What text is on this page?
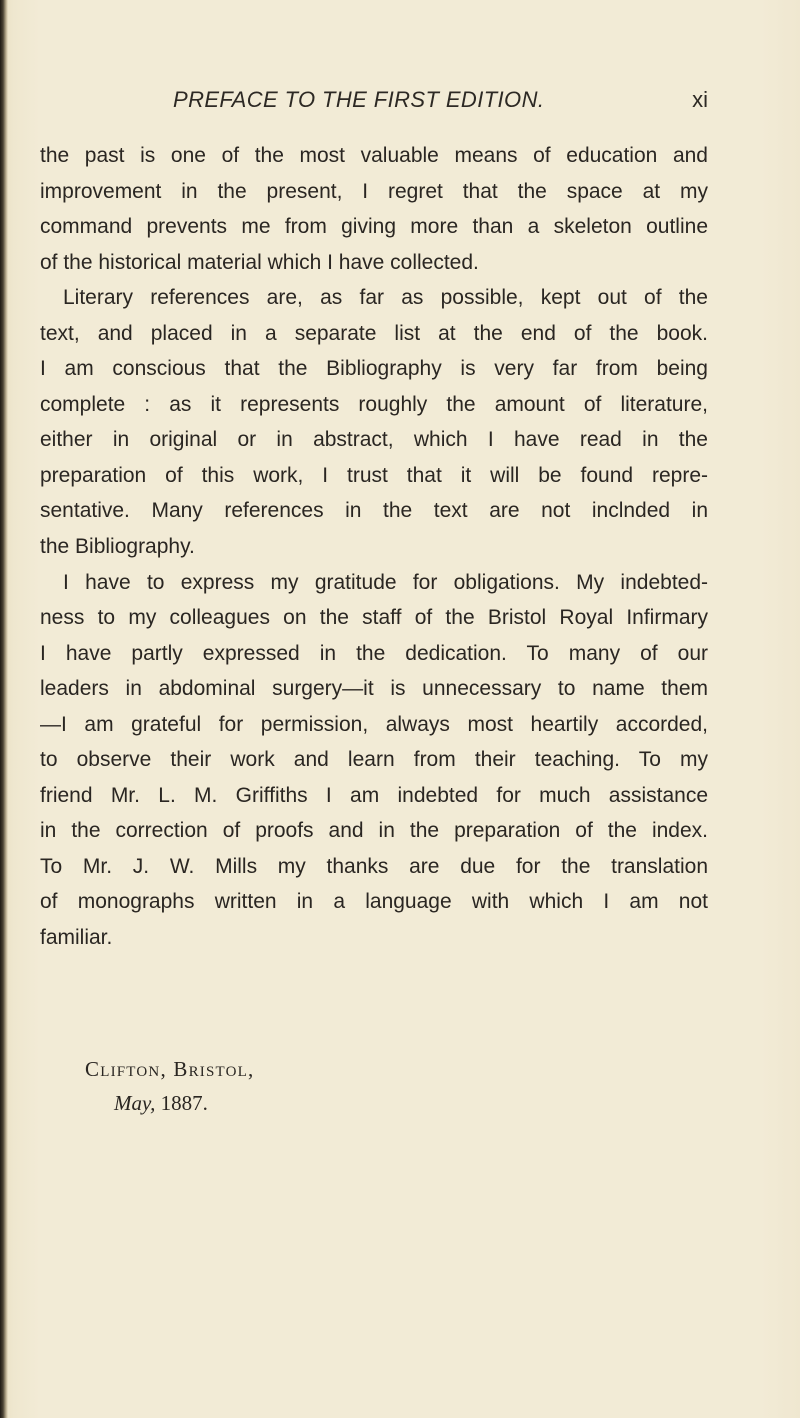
PREFACE TO THE FIRST EDITION.	xi
the past is one of the most valuable means of education and
improvement in the present, I regret that the space at my
command prevents me from giving more than a skeleton outline
of the historical material which I have collected.
Literary references are, as far as possible, kept out of the
text, and placed in a separate list at the end of the book.
I am conscious that the Bibliography is very far from being
complete : as it represents roughly the amount of literature,
either in original or in abstract, which I have read in the
preparation of this work, I trust that it will be found repre-
sentative. Many references in the text are not inclnded in
the Bibliography.
I have to express my gratitude for obligations. My indebted-
ness to my colleagues on the staff of the Bristol Royal Infirmary
I have partly expressed in the dedication. To many of our
leaders in abdominal surgery—it is unnecessary to name them
—I am grateful for permission, always most heartily accorded,
to observe their work and learn from their teaching. To my
friend Mr. L. M. Griffiths I am indebted for much assistance
in the correction of proofs and in the preparation of the index.
To Mr. J. W. Mills my thanks are due for the translation
of monographs written in a language with which I am not
familiar.
Clifton, Bristol,
May, 1887.
